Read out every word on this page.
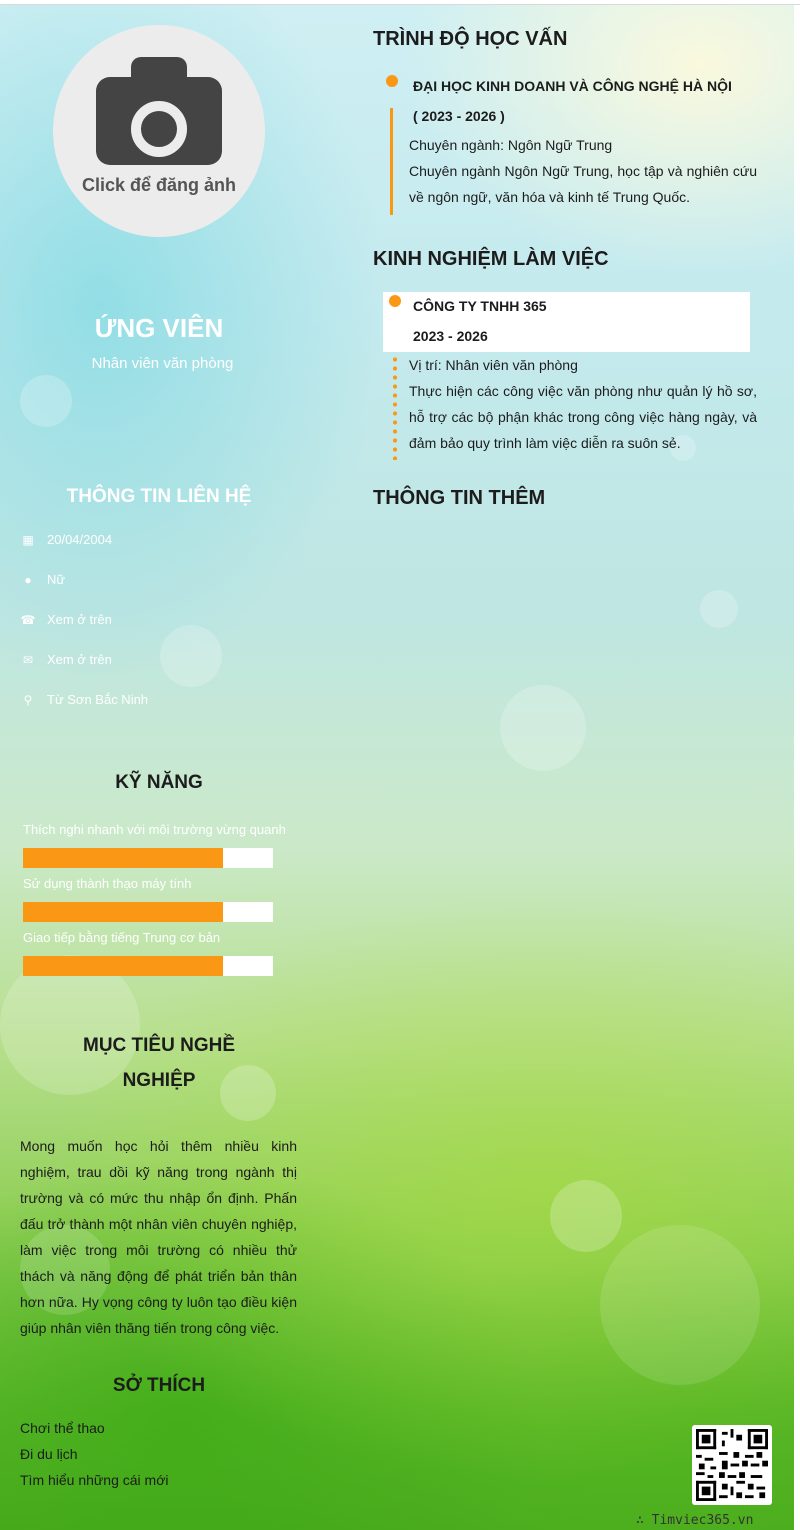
Click để đăng ảnh
ỨNG VIÊN
Nhân viên văn phòng
THÔNG TIN LIÊN HỆ
▦ 20/04/2004
●	Nữ
☎ Xem ở trên
✉ Xem ở trên
⚲ Từ Sơn Bắc Ninh
KỸ NĂNG
Thích nghi nhanh với môi trường vừng quanh
Sử dụng thành thạo máy tính
Giao tiếp bằng tiếng Trung cơ bản
MỤC TIÊU NGHỀ
NGHIỆP
Mong muốn học hỏi thêm nhiều kinh nghiệm, trau dồi kỹ năng trong ngành thị trường và có mức thu nhập ổn định. Phấn đấu trở thành một nhân viên chuyên nghiệp, làm việc trong môi trường có nhiều thử thách và năng động để phát triển bản thân hơn nữa. Hy vọng công ty luôn tạo điều kiện giúp nhân viên thăng tiến trong công việc.
SỞ THÍCH
Chơi thể thao
Đi du lịch
Tìm hiểu những cái mới
TRÌNH ĐỘ HỌC VẤN
ĐẠI HỌC KINH DOANH VÀ CÔNG NGHỆ HÀ NỘI
( 2023 - 2026 )
Chuyên ngành: Ngôn Ngữ Trung
Chuyên ngành Ngôn Ngữ Trung, học tập và nghiên cứu về ngôn ngữ, văn hóa và kinh tế Trung Quốc.
KINH NGHIỆM LÀM VIỆC
CÔNG TY TNHH 365
2023 - 2026
Vị trí: Nhân viên văn phòng
Thực hiện các công việc văn phòng như quản lý hồ sơ, hỗ trợ các bộ phận khác trong công việc hàng ngày, và đảm bảo quy trình làm việc diễn ra suôn sẻ.
THÔNG TIN THÊM
∴ Timviec365.vn
